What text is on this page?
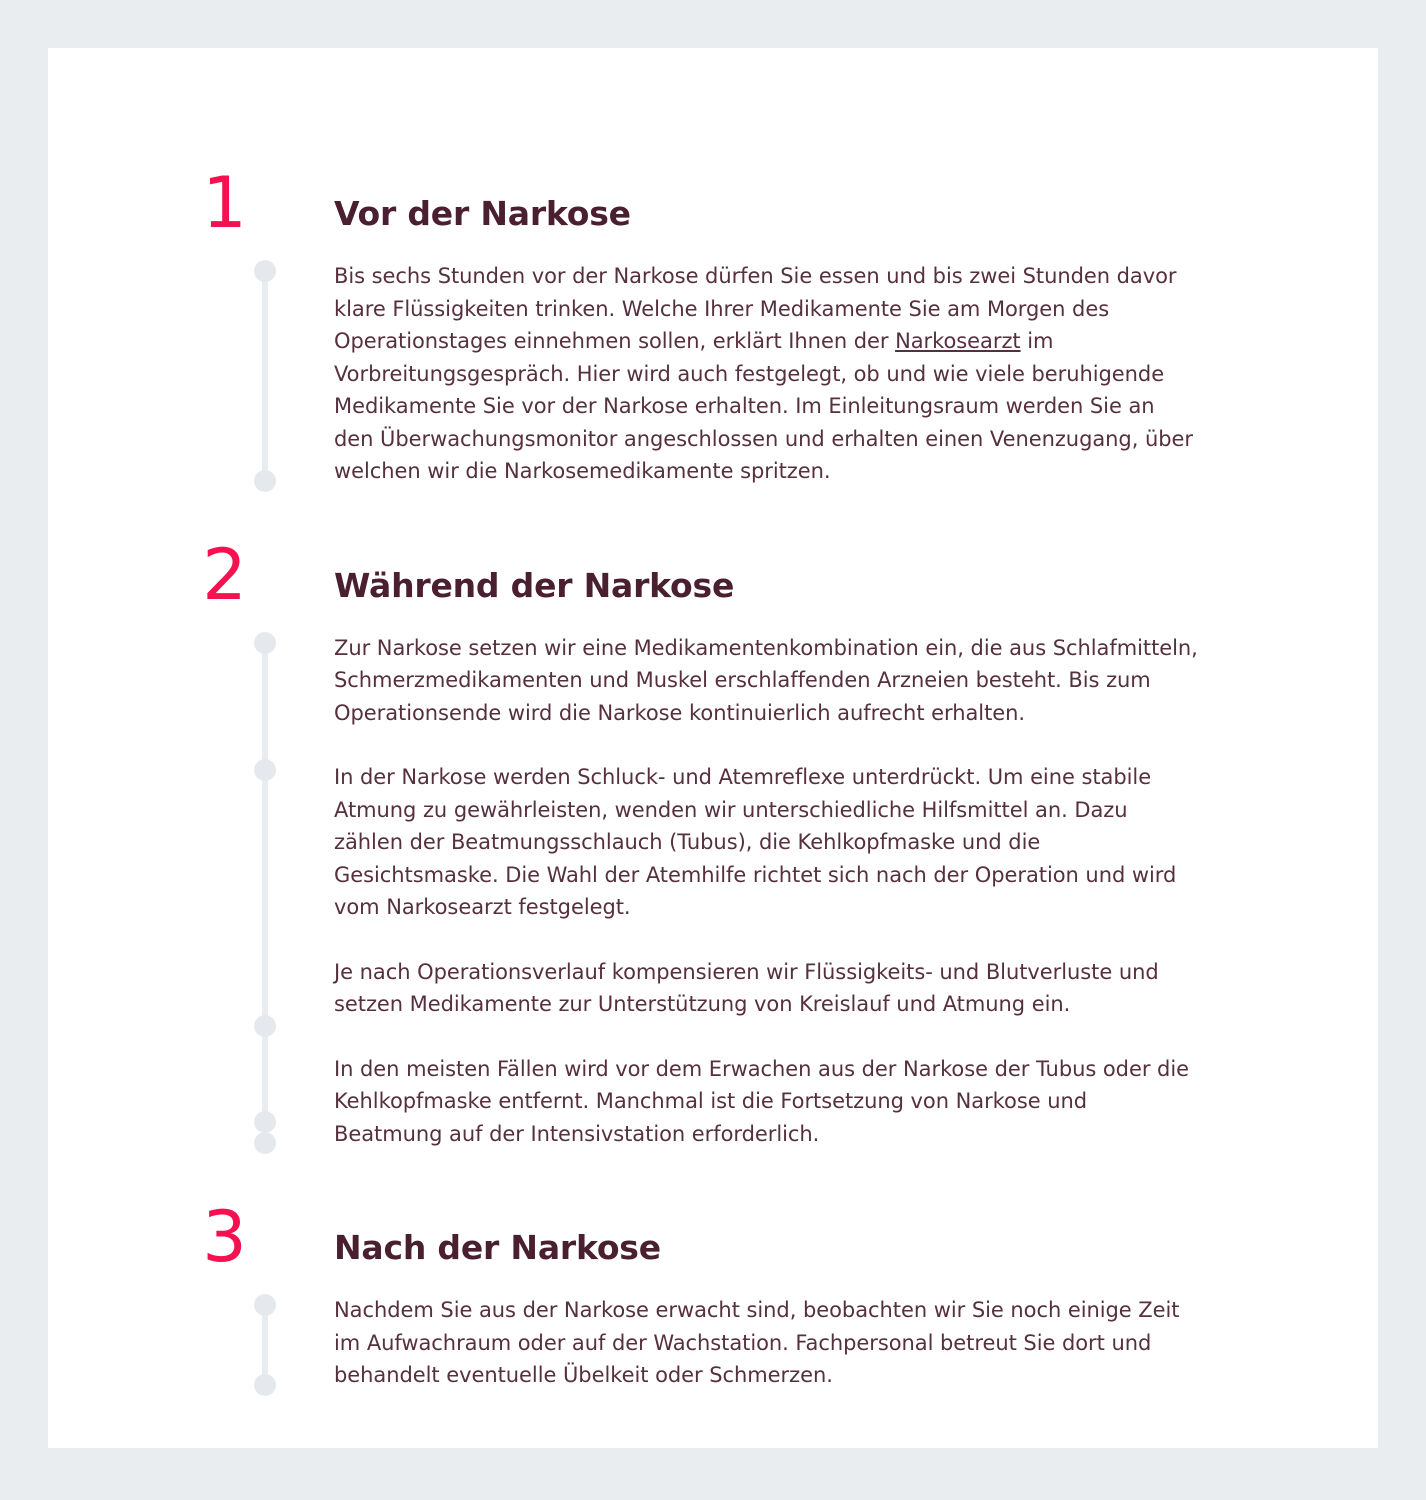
1	Vor der Narkose

Bis sechs Stunden vor der Narkose dürfen Sie essen und bis zwei Stunden davor klare Flüssigkeiten trinken. Welche Ihrer Medikamente Sie am Morgen des Operationstages einnehmen sollen, erklärt Ihnen der Narkosearzt im Vorbreitungsgespräch. Hier wird auch festgelegt, ob und wie viele beruhigende Medikamente Sie vor der Narkose erhalten. Im Einleitungsraum werden Sie an den Überwachungsmonitor angeschlossen und erhalten einen Venenzugang, über welchen wir die Narkosemedikamente spritzen.

2	Während der Narkose

Zur Narkose setzen wir eine Medikamentenkombination ein, die aus Schlafmitteln, Schmerzmedikamenten und Muskel erschlaffenden Arzneien besteht. Bis zum Operationsende wird die Narkose kontinuierlich aufrecht erhalten.

In der Narkose werden Schluck- und Atemreflexe unterdrückt. Um eine stabile Atmung zu gewährleisten, wenden wir unterschiedliche Hilfsmittel an. Dazu zählen der Beatmungsschlauch (Tubus), die Kehlkopfmaske und die Gesichtsmaske. Die Wahl der Atemhilfe richtet sich nach der Operation und wird vom Narkosearzt festgelegt.

Je nach Operationsverlauf kompensieren wir Flüssigkeits- und Blutverluste und setzen Medikamente zur Unterstützung von Kreislauf und Atmung ein.

In den meisten Fällen wird vor dem Erwachen aus der Narkose der Tubus oder die Kehlkopfmaske entfernt. Manchmal ist die Fortsetzung von Narkose und Beatmung auf der Intensivstation erforderlich.

3	Nach der Narkose

Nachdem Sie aus der Narkose erwacht sind, beobachten wir Sie noch einige Zeit im Aufwachraum oder auf der Wachstation. Fachpersonal betreut Sie dort und behandelt eventuelle Übelkeit oder Schmerzen.
